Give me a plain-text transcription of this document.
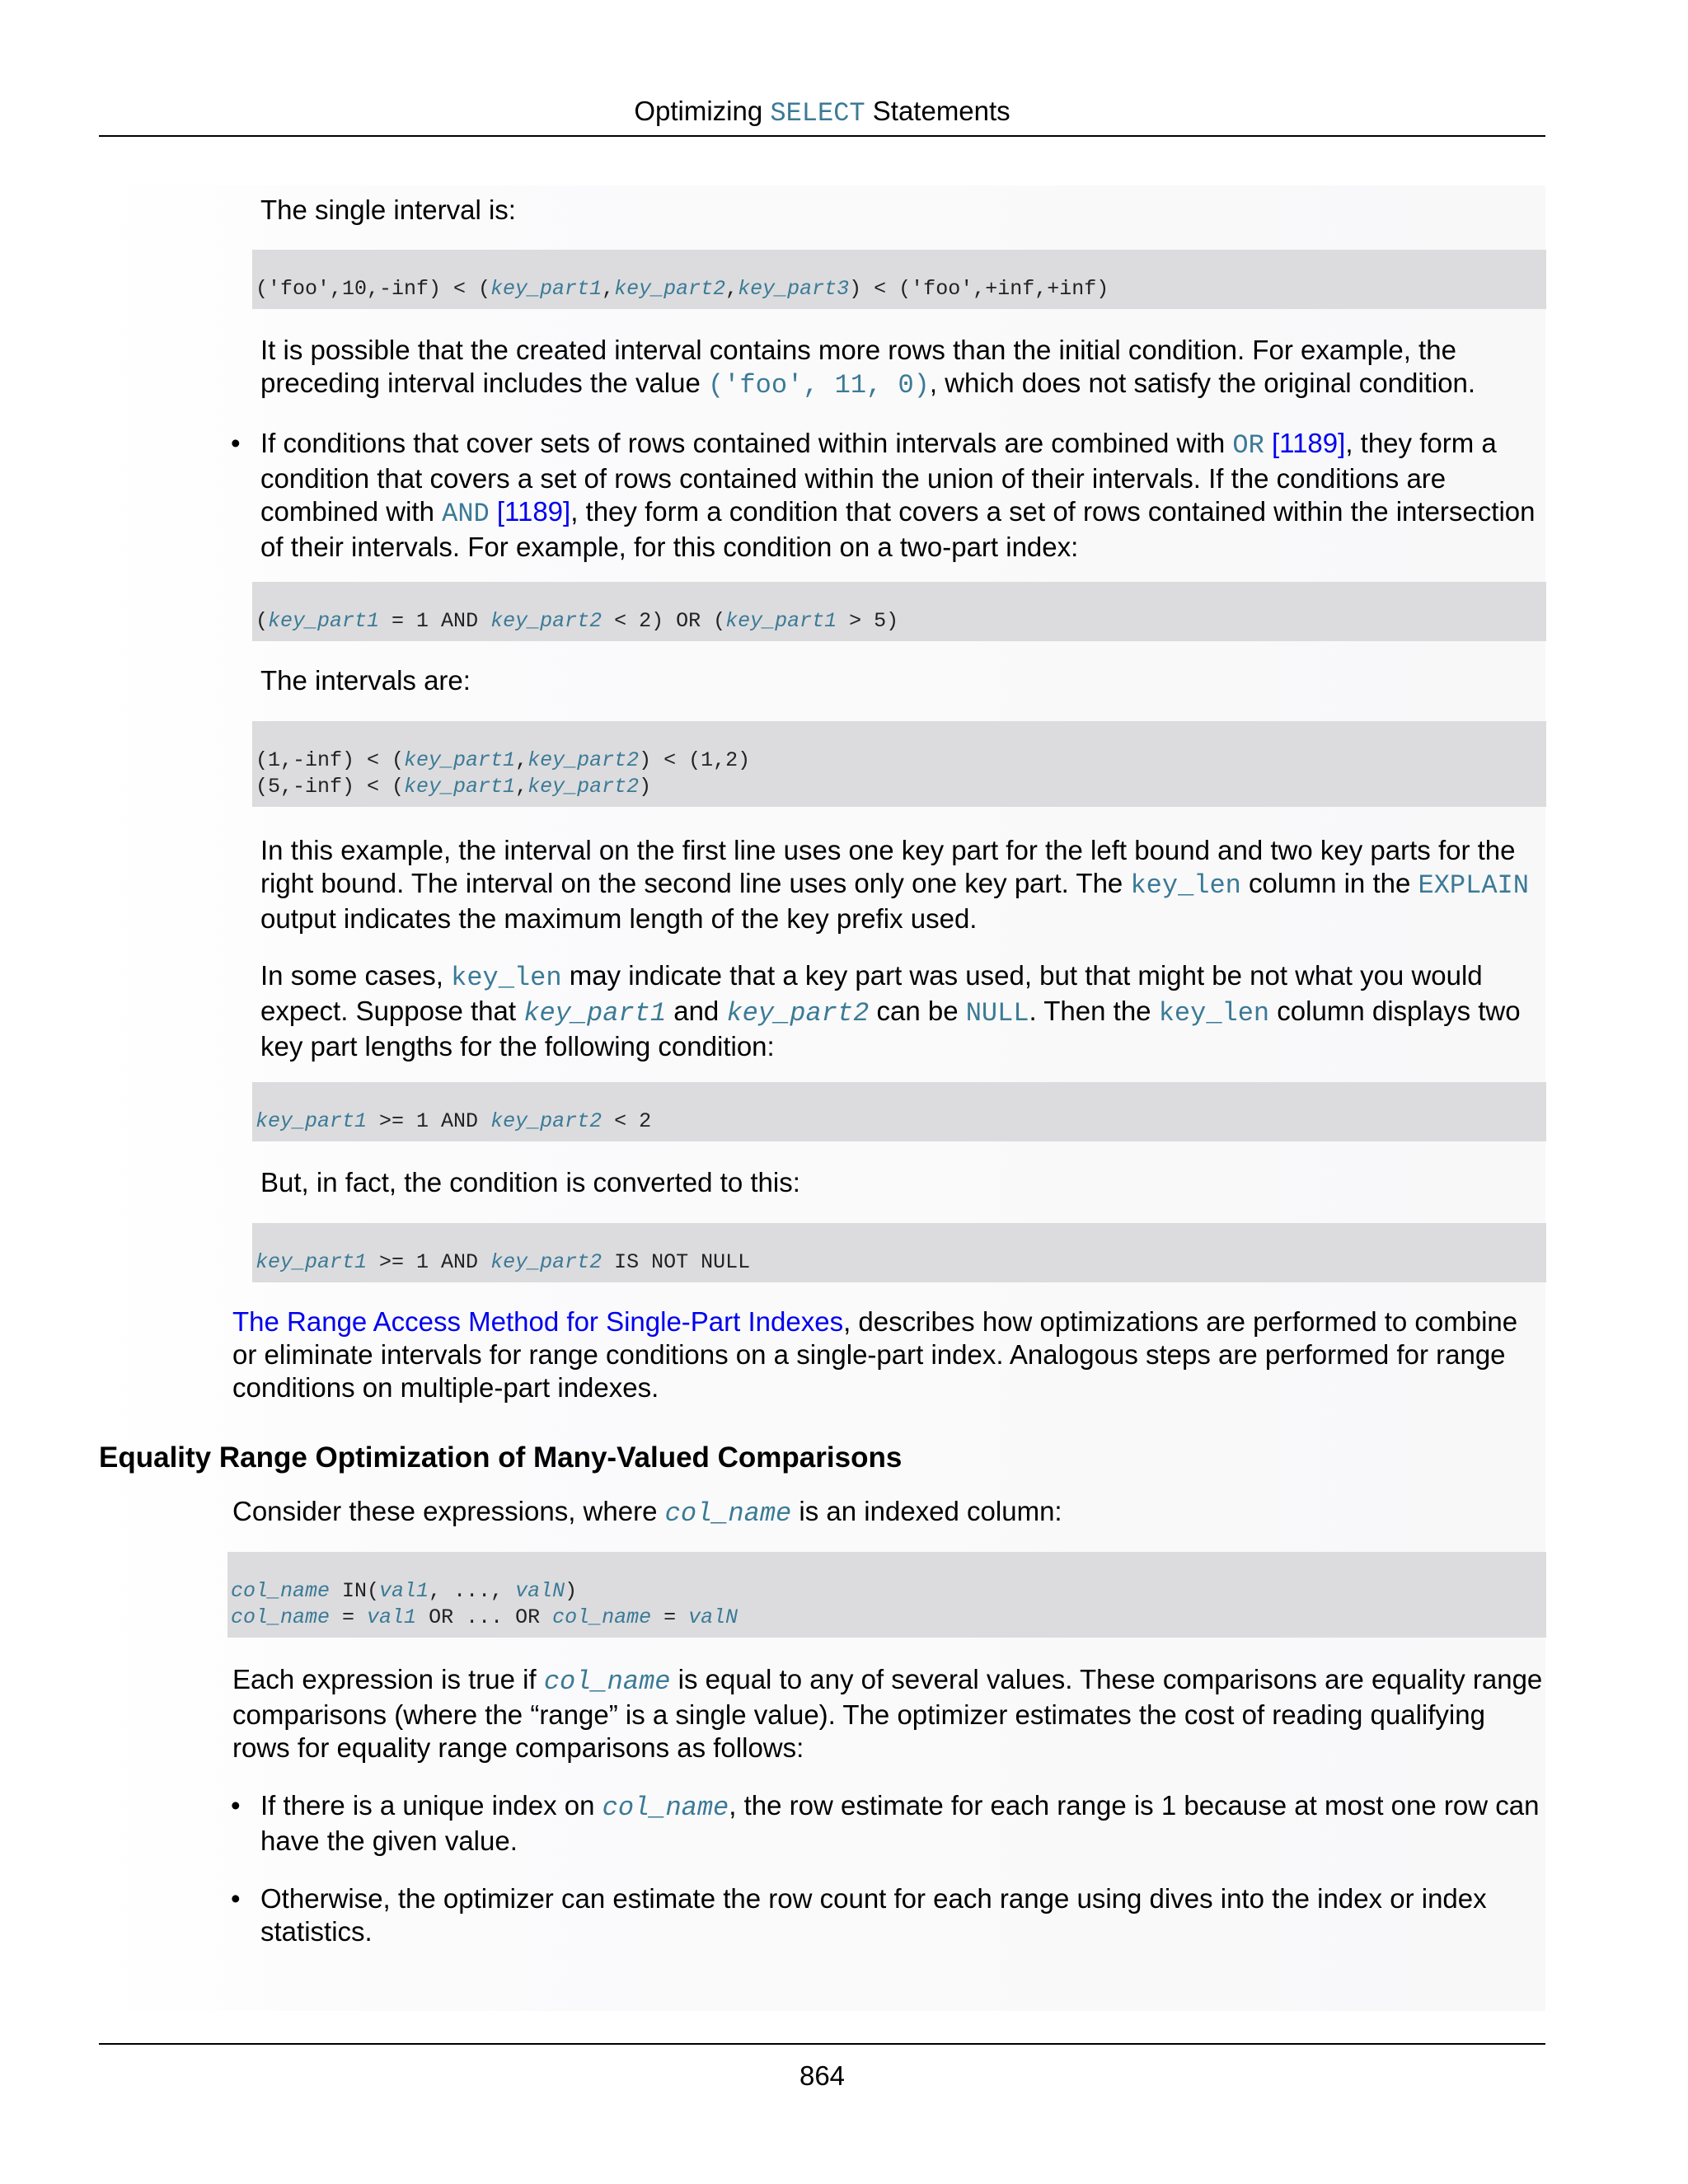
Optimizing SELECT Statements

The single interval is:

('foo',10,-inf) < (key_part1,key_part2,key_part3) < ('foo',+inf,+inf)

It is possible that the created interval contains more rows than the initial condition. For example, the preceding interval includes the value ('foo', 11, 0), which does not satisfy the original condition.

• If conditions that cover sets of rows contained within intervals are combined with OR [1189], they form a condition that covers a set of rows contained within the union of their intervals. If the conditions are combined with AND [1189], they form a condition that covers a set of rows contained within the intersection of their intervals. For example, for this condition on a two-part index:

(key_part1 = 1 AND key_part2 < 2) OR (key_part1 > 5)

The intervals are:

(1,-inf) < (key_part1,key_part2) < (1,2)
(5,-inf) < (key_part1,key_part2)

In this example, the interval on the first line uses one key part for the left bound and two key parts for the right bound. The interval on the second line uses only one key part. The key_len column in the EXPLAIN output indicates the maximum length of the key prefix used.

In some cases, key_len may indicate that a key part was used, but that might be not what you would expect. Suppose that key_part1 and key_part2 can be NULL. Then the key_len column displays two key part lengths for the following condition:

key_part1 >= 1 AND key_part2 < 2

But, in fact, the condition is converted to this:

key_part1 >= 1 AND key_part2 IS NOT NULL

The Range Access Method for Single-Part Indexes, describes how optimizations are performed to combine or eliminate intervals for range conditions on a single-part index. Analogous steps are performed for range conditions on multiple-part indexes.

Equality Range Optimization of Many-Valued Comparisons

Consider these expressions, where col_name is an indexed column:

col_name IN(val1, ..., valN)
col_name = val1 OR ... OR col_name = valN

Each expression is true if col_name is equal to any of several values. These comparisons are equality range comparisons (where the “range” is a single value). The optimizer estimates the cost of reading qualifying rows for equality range comparisons as follows:

• If there is a unique index on col_name, the row estimate for each range is 1 because at most one row can have the given value.

• Otherwise, the optimizer can estimate the row count for each range using dives into the index or index statistics.

864
